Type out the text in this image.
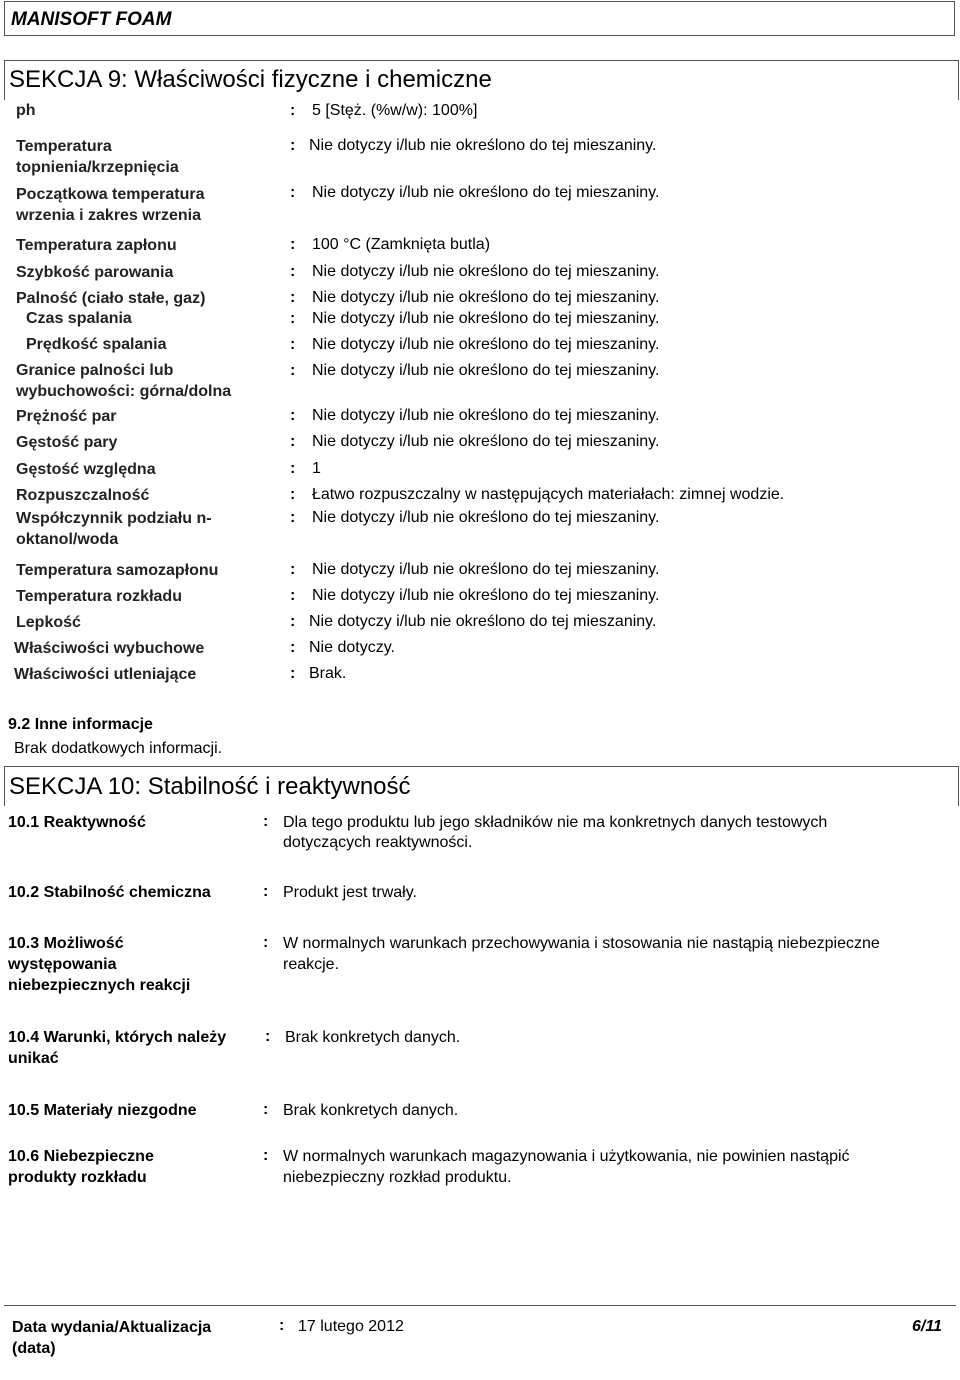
MANISOFT FOAM
SEKCJA 9: Właściwości fizyczne i chemiczne
ph	: 5 [Stęż. (%w/w): 100%]
Temperatura
topnienia/krzepnięcia
: Nie dotyczy i/lub nie określono do tej mieszaniny.
Początkowa temperatura
wrzenia i zakres wrzenia
: Nie dotyczy i/lub nie określono do tej mieszaniny.
Temperatura zapłonu	: 100 °C (Zamknięta butla)
Szybkość parowania	: Nie dotyczy i/lub nie określono do tej mieszaniny.
Palność (ciało stałe, gaz)	: Nie dotyczy i/lub nie określono do tej mieszaniny.
Czas spalania	: Nie dotyczy i/lub nie określono do tej mieszaniny.
Prędkość spalania	: Nie dotyczy i/lub nie określono do tej mieszaniny.
Granice palności lub
wybuchowości: górna/dolna
: Nie dotyczy i/lub nie określono do tej mieszaniny.
Prężność par	: Nie dotyczy i/lub nie określono do tej mieszaniny.
Gęstość pary	: Nie dotyczy i/lub nie określono do tej mieszaniny.
Gęstość względna	: 1
Rozpuszczalność	: Łatwo rozpuszczalny w następujących materiałach: zimnej wodzie.
Współczynnik podziału n-
oktanol/woda
: Nie dotyczy i/lub nie określono do tej mieszaniny.
Temperatura samozapłonu	: Nie dotyczy i/lub nie określono do tej mieszaniny.
Temperatura rozkładu	: Nie dotyczy i/lub nie określono do tej mieszaniny.
Lepkość	: Nie dotyczy i/lub nie określono do tej mieszaniny.
Właściwości wybuchowe	: Nie dotyczy.
Właściwości utleniające	: Brak.
9.2 Inne informacje
Brak dodatkowych informacji.
SEKCJA 10: Stabilność i reaktywność
10.1 Reaktywność	: Dla tego produktu lub jego składników nie ma konkretnych danych testowych
dotyczących reaktywności.
10.2 Stabilność chemiczna	: Produkt jest trwały.
10.3 Możliwość
występowania
niebezpiecznych reakcji
: W normalnych warunkach przechowywania i stosowania nie nastąpią niebezpieczne
reakcje.
10.4 Warunki, których należy
unikać
: Brak konkretych danych.
10.5 Materiały niezgodne	: Brak konkretych danych.
10.6 Niebezpieczne
produkty rozkładu
: W normalnych warunkach magazynowania i użytkowania, nie powinien nastąpić
niebezpieczny rozkład produktu.
Data wydania/Aktualizacja
(data)
: 17 lutego 2012	6/11
